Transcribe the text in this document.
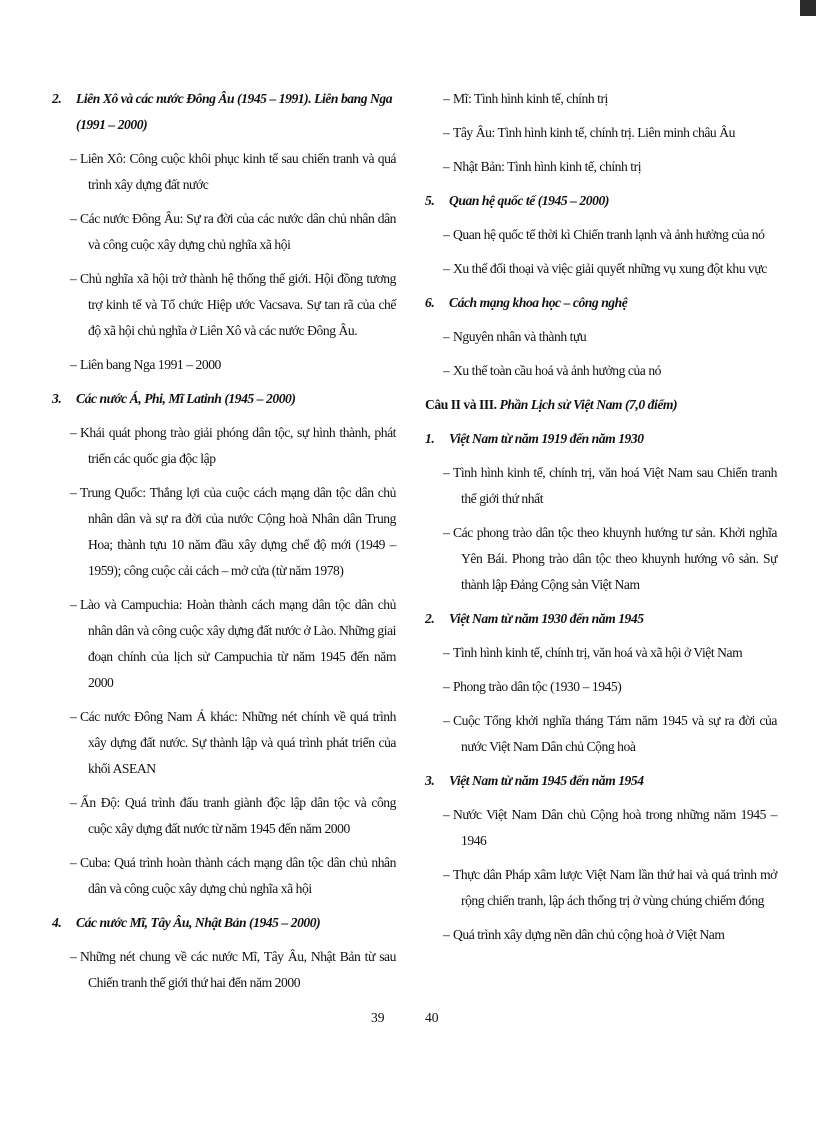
2.	Liên Xô và các nước Đông Âu (1945 – 1991). Liên bang Nga (1991 – 2000)
– Liên Xô: Công cuộc khôi phục kinh tế sau chiến tranh và quá trình xây dựng đất nước
– Các nước Đông Âu: Sự ra đời của các nước dân chủ nhân dân và công cuộc xây dựng chủ nghĩa xã hội
– Chủ nghĩa xã hội trở thành hệ thống thế giới. Hội đồng tương trợ kinh tế và Tổ chức Hiệp ước Vacsava. Sự tan rã của chế độ xã hội chủ nghĩa ở Liên Xô và các nước Đông Âu.
– Liên bang Nga 1991 – 2000
3.	Các nước Á, Phi, Mĩ Latinh (1945 – 2000)
– Khái quát phong trào giải phóng dân tộc, sự hình thành, phát triển các quốc gia độc lập
– Trung Quốc: Thắng lợi của cuộc cách mạng dân tộc dân chủ nhân dân và sự ra đời của nước Cộng hoà Nhân dân Trung Hoa; thành tựu 10 năm đầu xây dựng chế độ mới (1949 – 1959); công cuộc cải cách – mở cửa (từ năm 1978)
– Lào và Campuchia: Hoàn thành cách mạng dân tộc dân chủ nhân dân và công cuộc xây dựng đất nước ở Lào. Những giai đoạn chính của lịch sử Campuchia từ năm 1945 đến năm 2000
– Các nước Đông Nam Á khác: Những nét chính về quá trình xây dựng đất nước. Sự thành lập và quá trình phát triển của khối ASEAN
– Ấn Độ: Quá trình đấu tranh giành độc lập dân tộc và công cuộc xây dựng đất nước từ năm 1945 đến năm 2000
– Cuba: Quá trình hoàn thành cách mạng dân tộc dân chủ nhân dân và công cuộc xây dựng chủ nghĩa xã hội
4.	Các nước Mĩ, Tây Âu, Nhật Bản (1945 – 2000)
– Những nét chung về các nước Mĩ, Tây Âu, Nhật Bản từ sau Chiến tranh thế giới thứ hai đến năm 2000
– Mĩ: Tình hình kinh tế, chính trị
– Tây Âu: Tình hình kinh tế, chính trị. Liên minh châu Âu
– Nhật Bản: Tình hình kinh tế, chính trị
5.	Quan hệ quốc tế (1945 – 2000)
– Quan hệ quốc tế thời kì Chiến tranh lạnh và ảnh hưởng của nó
– Xu thế đối thoại và việc giải quyết những vụ xung đột khu vực
6.	Cách mạng khoa học – công nghệ
– Nguyên nhân và thành tựu
– Xu thế toàn cầu hoá và ảnh hưởng của nó
Câu II và III. Phần Lịch sử Việt Nam (7,0 điểm)
1.	Việt Nam từ năm 1919 đến năm 1930
– Tình hình kinh tế, chính trị, văn hoá Việt Nam sau Chiến tranh thế giới thứ nhất
– Các phong trào dân tộc theo khuynh hướng tư sản. Khởi nghĩa Yên Bái. Phong trào dân tộc theo khuynh hướng vô sản. Sự thành lập Đảng Cộng sản Việt Nam
2.	Việt Nam từ năm 1930 đến năm 1945
– Tình hình kinh tế, chính trị, văn hoá và xã hội ở Việt Nam
– Phong trào dân tộc (1930 – 1945)
– Cuộc Tổng khởi nghĩa tháng Tám năm 1945 và sự ra đời của nước Việt Nam Dân chủ Cộng hoà
3.	Việt Nam từ năm 1945 đến năm 1954
– Nước Việt Nam Dân chủ Cộng hoà trong những năm 1945 – 1946
– Thực dân Pháp xâm lược Việt Nam lần thứ hai và quá trình mở rộng chiến tranh, lập ách thống trị ở vùng chúng chiếm đóng
– Quá trình xây dựng nền dân chủ cộng hoà ở Việt Nam
39	40
